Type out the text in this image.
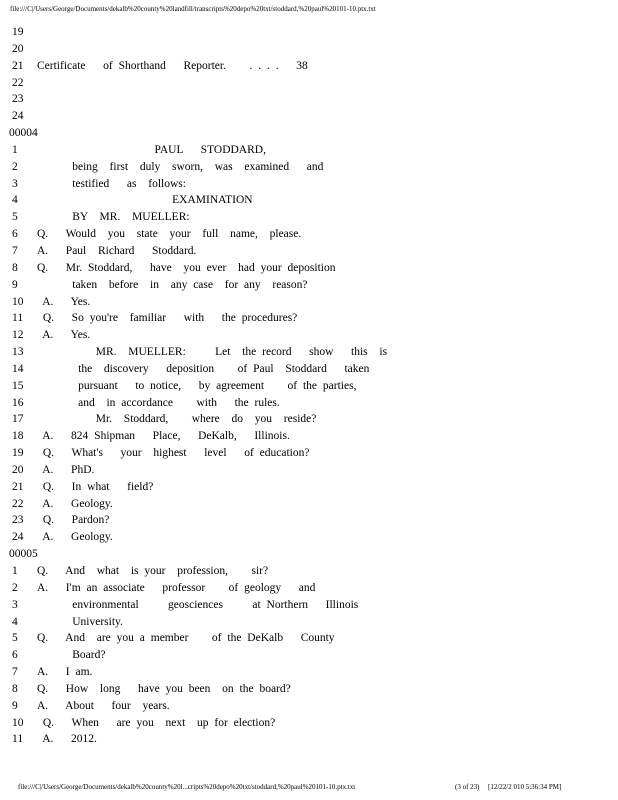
file:///C|/Users/George/Documents/dekalb%20county%20landfill/transcripts%20depo%20txt/stoddard,%20paul%20101-10.ptx.txt
19
20
21 Certificate   of Shorthand   Reporter.    . . . .   38
22
23
24
00004
1	PAUL   STODDARD,
2	being  first  duly  sworn,  was  examined   and
3	testified   as  follows:
4	EXAMINATION
5	BY  MR.  MUELLER:
6	Q.   Would  you  state  your  full  name,  please.
7	A.   Paul  Richard   Stoddard.
8	Q.   Mr. Stoddard,   have  you ever  had your deposition
9	taken  before  in  any case  for any  reason?
10 A.   Yes.
11 Q.   So you're  familiar   with   the procedures?
12 A.   Yes.
13 MR.  MUELLER:     Let  the record   show   this  is
14 the  discovery   deposition    of Paul  Stoddard   taken
15 pursuant   to notice,   by agreement    of the parties,
16 and  in accordance    with   the rules.
17 Mr.  Stoddard,    where  do  you  reside?
18 A.   824 Shipman   Place,   DeKalb,   Illinois.
19 Q.   What's   your  highest   level   of education?
20 A.   PhD.
21 Q.   In what   field?
22 A.   Geology.
23 Q.   Pardon?
24 A.   Geology.
00005
1	Q.   And  what  is your  profession,    sir?
2	A.   I'm an associate   professor    of geology   and
3	environmental     geosciences     at Northern   Illinois
4	University.
5	Q.   And  are you a member    of the DeKalb   County
6	Board?
7	A.   I am.
8	Q.   How  long   have you been  on the board?
9	A.   About   four  years.
10 Q.   When   are you  next  up for election?
11 A.   2012.
file:///C|/Users/George/Documents/dekalb%20county%20l...cripts%20depo%20txt/stoddard,%20paul%20101-10.ptx.txt	(3 of 23) [12/22/2 010 5:36:34 PM]
